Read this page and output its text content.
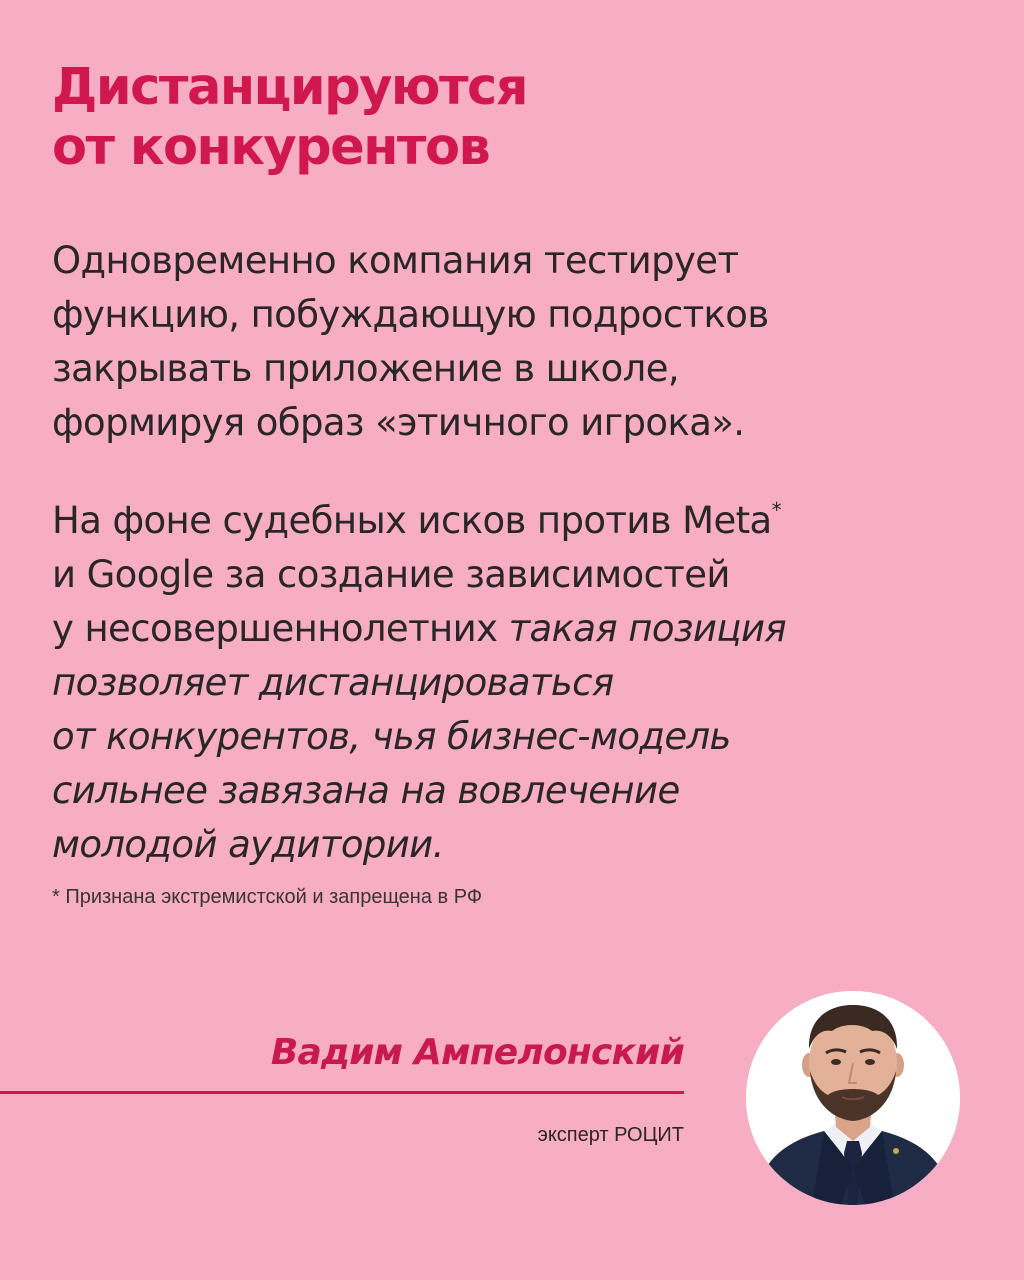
Дистанцируются
от конкурентов

Одновременно компания тестирует
функцию, побуждающую подростков
закрывать приложение в школе,
формируя образ «этичного игрока».

На фоне судебных исков против Meta*
и Google за создание зависимостей
у несовершеннолетних такая позиция
позволяет дистанцироваться
от конкурентов, чья бизнес-модель
сильнее завязана на вовлечение
молодой аудитории.

* Признана экстремистской и запрещена в РФ

Вадим Ампелонский

эксперт РОЦИТ
